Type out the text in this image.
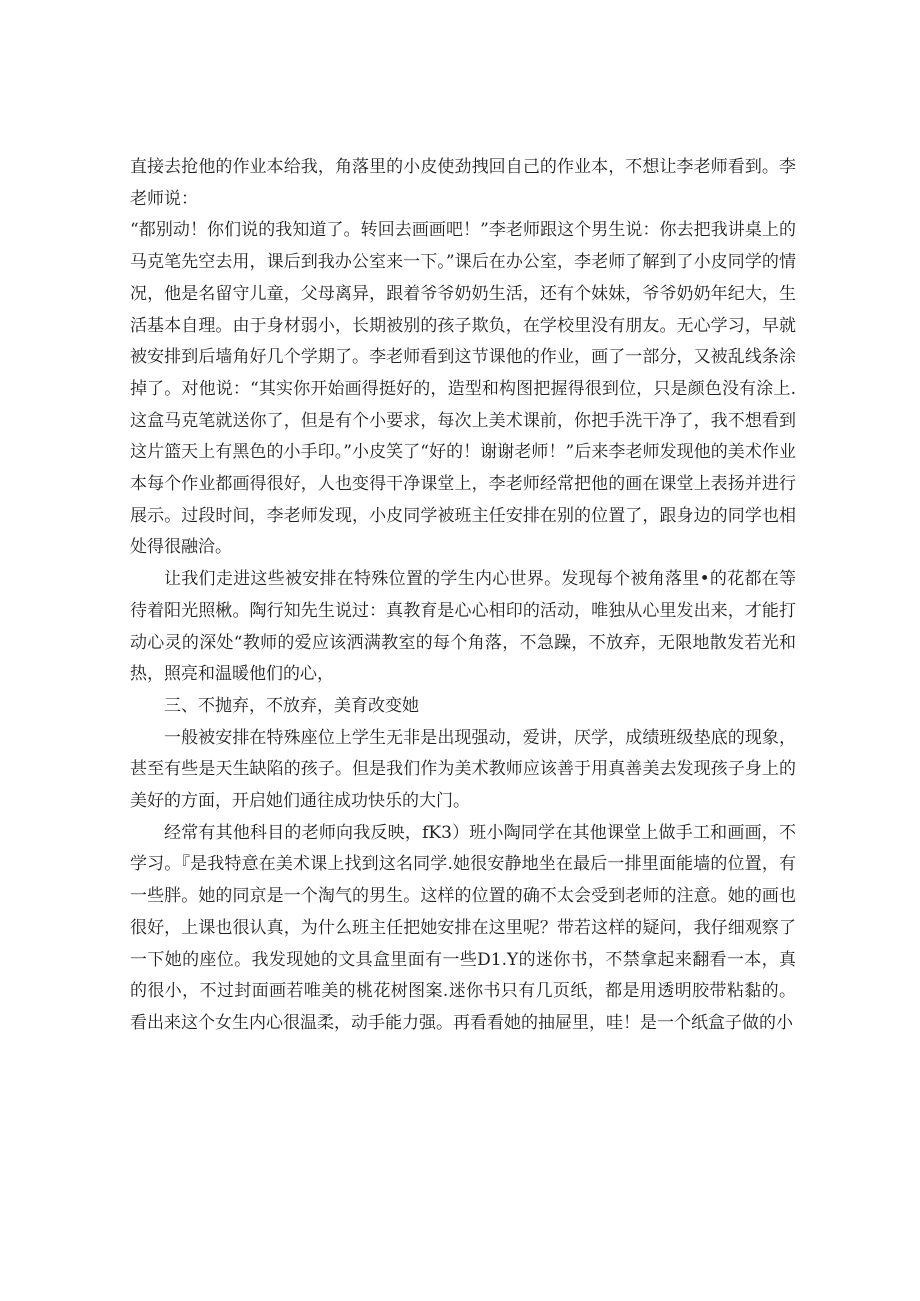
直接去抢他的作业本给我，角落里的小皮使劲拽回自己的作业本，不想让李老师看到。李老师说：

“都别动！你们说的我知道了。转回去画画吧！”李老师跟这个男生说：你去把我讲桌上的马克笔先空去用，课后到我办公室来一下。”课后在办公室，李老师了解到了小皮同学的情况，他是名留守儿童，父母离异，跟着爷爷奶奶生活，还有个妹妹，爷爷奶奶年纪大，生活基本自理。由于身材弱小，长期被别的孩子欺负，在学校里没有朋友。无心学习，早就被安排到后墙角好几个学期了。李老师看到这节课他的作业，画了一部分，又被乱线条涂掉了。对他说：“其实你开始画得挺好的，造型和构图把握得很到位，只是颜色没有涂上.这盒马克笔就送你了，但是有个小要求，每次上美术课前，你把手洗干净了，我不想看到这片篮天上有黑色的小手印。”小皮笑了“好的！谢谢老师！”后来李老师发现他的美术作业本每个作业都画得很好，人也变得干净课堂上，李老师经常把他的画在课堂上表扬并进行展示。过段时间，李老师发现，小皮同学被班主任安排在别的位置了，跟身边的同学也相处得很融洽。

让我们走进这些被安排在特殊位置的学生内心世界。发现每个被角落里•的花都在等待着阳光照楸。陶行知先生说过：真教育是心心相印的活动，唯独从心里发出来，才能打动心灵的深处“教师的爱应该洒满教室的每个角落，不急躁，不放弃，无限地散发若光和热，照亮和温暖他们的心，

三、不抛弃，不放弃，美育改变她

一般被安排在特殊座位上学生无非是出现强动，爱讲，厌学，成绩班级垫底的现象，甚至有些是天生缺陷的孩子。但是我们作为美术教师应该善于用真善美去发现孩子身上的美好的方面，开启她们通往成功快乐的大门。

经常有其他科目的老师向我反映，fK3）班小陶同学在其他课堂上做手工和画画，不学习。『是我特意在美术课上找到这名同学.她很安静地坐在最后一排里面能墙的位置，有一些胖。她的同京是一个淘气的男生。这样的位置的确不太会受到老师的注意。她的画也很好，上课也很认真，为什么班主任把她安排在这里呢？带若这样的疑问，我仔细观察了一下她的座位。我发现她的文具盒里面有一些D1.Y的迷你书，不禁拿起来翻看一本，真的很小，不过封面画若唯美的桃花树图案.迷你书只有几页纸，都是用透明胶带粘黏的。看出来这个女生内心很温柔，动手能力强。再看看她的抽屉里，哇！是一个纸盒子做的小
